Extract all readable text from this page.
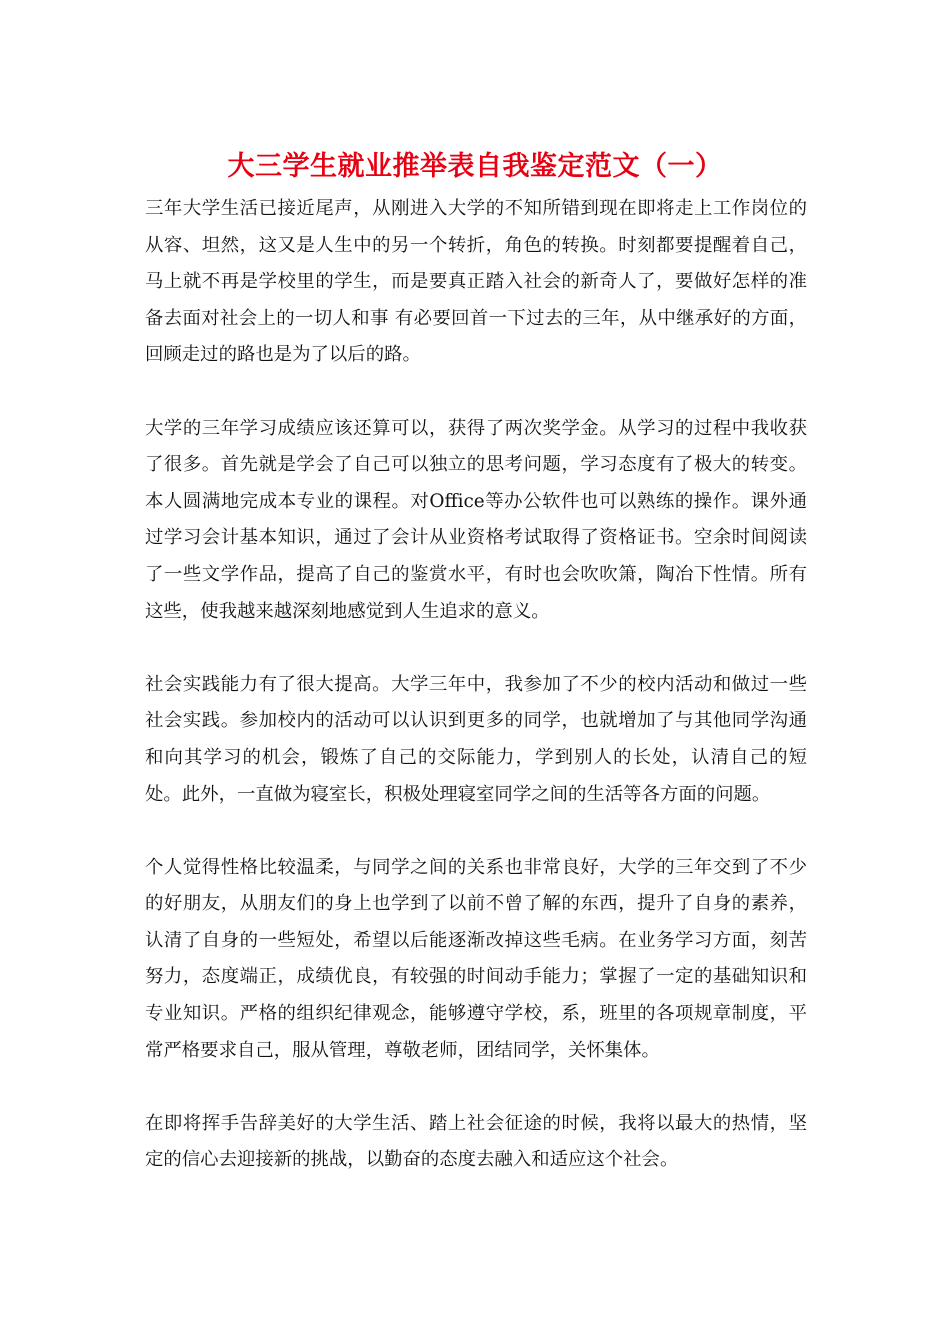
大三学生就业推举表自我鉴定范文（一）

三年大学生活已接近尾声，从刚进入大学的不知所错到现在即将走上工作岗位的从容、坦然，这又是人生中的另一个转折，角色的转换。时刻都要提醒着自己，马上就不再是学校里的学生，而是要真正踏入社会的新奇人了，要做好怎样的准备去面对社会上的一切人和事 有必要回首一下过去的三年，从中继承好的方面，回顾走过的路也是为了以后的路。

大学的三年学习成绩应该还算可以，获得了两次奖学金。从学习的过程中我收获了很多。首先就是学会了自己可以独立的思考问题，学习态度有了极大的转变。本人圆满地完成本专业的课程。对Office等办公软件也可以熟练的操作。课外通过学习会计基本知识，通过了会计从业资格考试取得了资格证书。空余时间阅读了一些文学作品，提高了自己的鉴赏水平，有时也会吹吹箫，陶冶下性情。所有这些，使我越来越深刻地感觉到人生追求的意义。

社会实践能力有了很大提高。大学三年中，我参加了不少的校内活动和做过一些社会实践。参加校内的活动可以认识到更多的同学，也就增加了与其他同学沟通和向其学习的机会，锻炼了自己的交际能力，学到别人的长处，认清自己的短处。此外，一直做为寝室长，积极处理寝室同学之间的生活等各方面的问题。

个人觉得性格比较温柔，与同学之间的关系也非常良好，大学的三年交到了不少的好朋友，从朋友们的身上也学到了以前不曾了解的东西，提升了自身的素养，认清了自身的一些短处，希望以后能逐渐改掉这些毛病。在业务学习方面，刻苦努力，态度端正，成绩优良，有较强的时间动手能力；掌握了一定的基础知识和专业知识。严格的组织纪律观念，能够遵守学校，系，班里的各项规章制度，平常严格要求自己，服从管理，尊敬老师，团结同学，关怀集体。

在即将挥手告辞美好的大学生活、踏上社会征途的时候，我将以最大的热情，坚定的信心去迎接新的挑战，以勤奋的态度去融入和适应这个社会。
